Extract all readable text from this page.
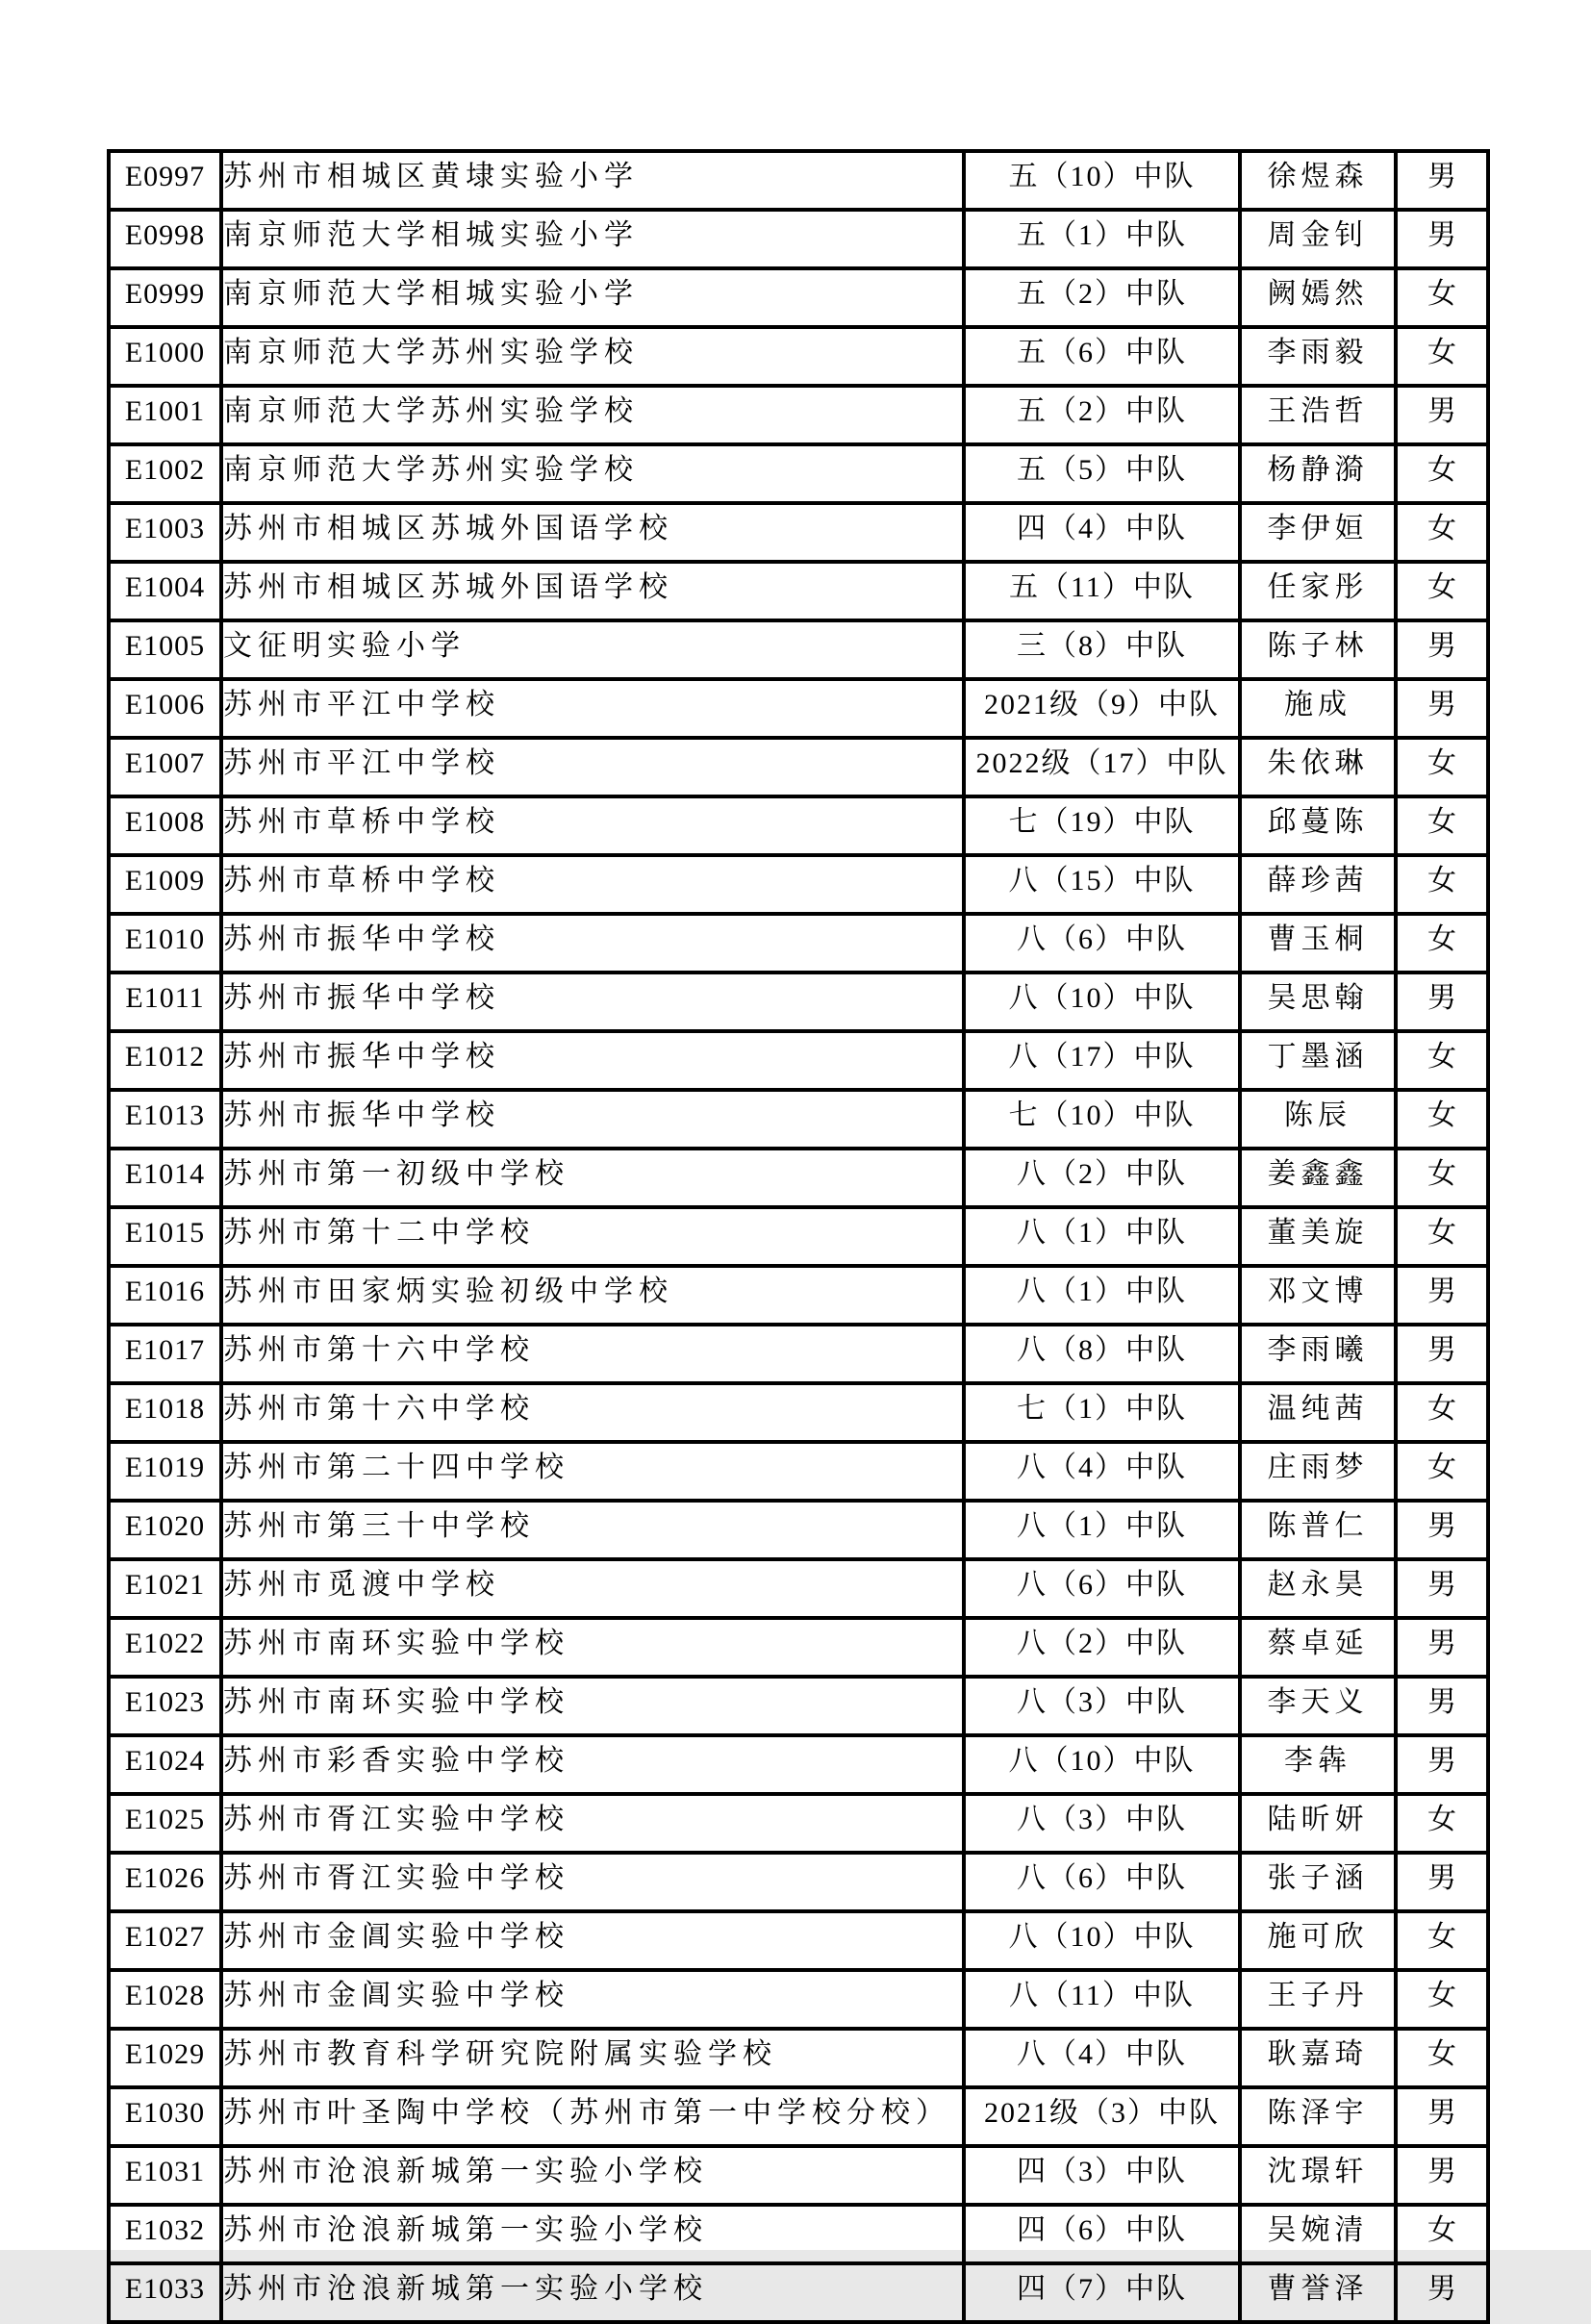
E0997	苏州市相城区黄埭实验小学	五（10）中队	徐煜森	男
E0998	南京师范大学相城实验小学	五（1）中队	周金钊	男
E0999	南京师范大学相城实验小学	五（2）中队	阙嫣然	女
E1000	南京师范大学苏州实验学校	五（6）中队	李雨毅	女
E1001	南京师范大学苏州实验学校	五（2）中队	王浩哲	男
E1002	南京师范大学苏州实验学校	五（5）中队	杨静漪	女
E1003	苏州市相城区苏城外国语学校	四（4）中队	李伊姮	女
E1004	苏州市相城区苏城外国语学校	五（11）中队	任家彤	女
E1005	文征明实验小学	三（8）中队	陈子林	男
E1006	苏州市平江中学校	2021级（9）中队	施成	男
E1007	苏州市平江中学校	2022级（17）中队	朱依琳	女
E1008	苏州市草桥中学校	七（19）中队	邱蔓陈	女
E1009	苏州市草桥中学校	八（15）中队	薛珍茜	女
E1010	苏州市振华中学校	八（6）中队	曹玉桐	女
E1011	苏州市振华中学校	八（10）中队	吴思翰	男
E1012	苏州市振华中学校	八（17）中队	丁墨涵	女
E1013	苏州市振华中学校	七（10）中队	陈辰	女
E1014	苏州市第一初级中学校	八（2）中队	姜鑫鑫	女
E1015	苏州市第十二中学校	八（1）中队	董美旋	女
E1016	苏州市田家炳实验初级中学校	八（1）中队	邓文博	男
E1017	苏州市第十六中学校	八（8）中队	李雨曦	男
E1018	苏州市第十六中学校	七（1）中队	温纯茜	女
E1019	苏州市第二十四中学校	八（4）中队	庄雨梦	女
E1020	苏州市第三十中学校	八（1）中队	陈普仁	男
E1021	苏州市觅渡中学校	八（6）中队	赵永昊	男
E1022	苏州市南环实验中学校	八（2）中队	蔡卓延	男
E1023	苏州市南环实验中学校	八（3）中队	李天义	男
E1024	苏州市彩香实验中学校	八（10）中队	李犇	男
E1025	苏州市胥江实验中学校	八（3）中队	陆昕妍	女
E1026	苏州市胥江实验中学校	八（6）中队	张子涵	男
E1027	苏州市金阊实验中学校	八（10）中队	施可欣	女
E1028	苏州市金阊实验中学校	八（11）中队	王子丹	女
E1029	苏州市教育科学研究院附属实验学校	八（4）中队	耿嘉琦	女
E1030	苏州市叶圣陶中学校（苏州市第一中学校分校）	2021级（3）中队	陈泽宇	男
E1031	苏州市沧浪新城第一实验小学校	四（3）中队	沈璟轩	男
E1032	苏州市沧浪新城第一实验小学校	四（6）中队	吴婉清	女
E1033	苏州市沧浪新城第一实验小学校	四（7）中队	曹誉泽	男
